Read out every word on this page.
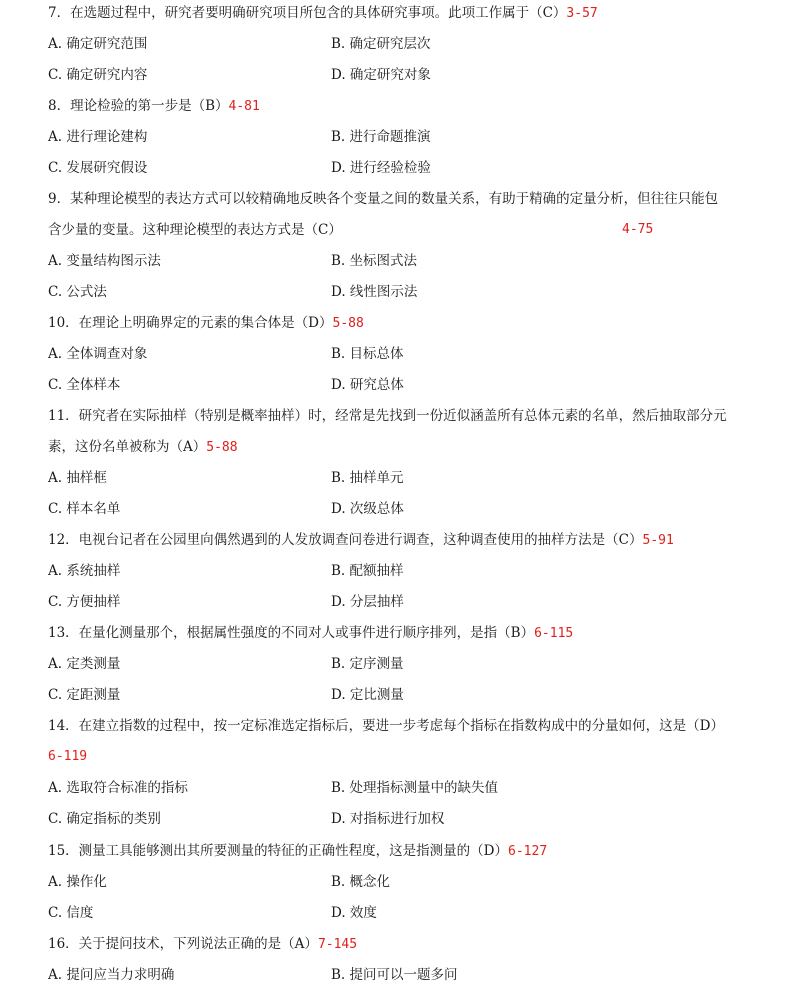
7．在选题过程中，研究者要明确研究项目所包含的具体研究事项。此项工作属于（C）3-57
A. 确定研究范围	B. 确定研究层次
C. 确定研究内容	D. 确定研究对象
8．理论检验的第一步是（B）4-81
A. 进行理论建构	B. 进行命题推演
C. 发展研究假设	D. 进行经验检验
9．某种理论模型的表达方式可以较精确地反映各个变量之间的数量关系，有助于精确的定量分析，但往往只能包
含少量的变量。这种理论模型的表达方式是（C）	4-75
A. 变量结构图示法	B. 坐标图式法
C. 公式法	D. 线性图示法
10．在理论上明确界定的元素的集合体是（D）5-88
A. 全体调查对象	B. 目标总体
C. 全体样本	D. 研究总体
11．研究者在实际抽样（特别是概率抽样）时，经常是先找到一份近似涵盖所有总体元素的名单，然后抽取部分元
素，这份名单被称为（A）5-88
A. 抽样框	B. 抽样单元
C. 样本名单	D. 次级总体
12．电视台记者在公园里向偶然遇到的人发放调查问卷进行调查，这种调查使用的抽样方法是（C）5-91
A. 系统抽样	B. 配额抽样
C. 方便抽样	D. 分层抽样
13．在量化测量那个，根据属性强度的不同对人或事件进行顺序排列，是指（B）6-115
A. 定类测量	B. 定序测量
C. 定距测量	D. 定比测量
14．在建立指数的过程中，按一定标准选定指标后，要进一步考虑每个指标在指数构成中的分量如何，这是（D）
6-119
A. 选取符合标准的指标	B. 处理指标测量中的缺失值
C. 确定指标的类别	D. 对指标进行加权
15．测量工具能够测出其所要测量的特征的正确性程度，这是指测量的（D）6-127
A. 操作化	B. 概念化
C. 信度	D. 效度
16．关于提问技术，下列说法正确的是（A）7-145
A. 提问应当力求明确	B. 提问可以一题多问
